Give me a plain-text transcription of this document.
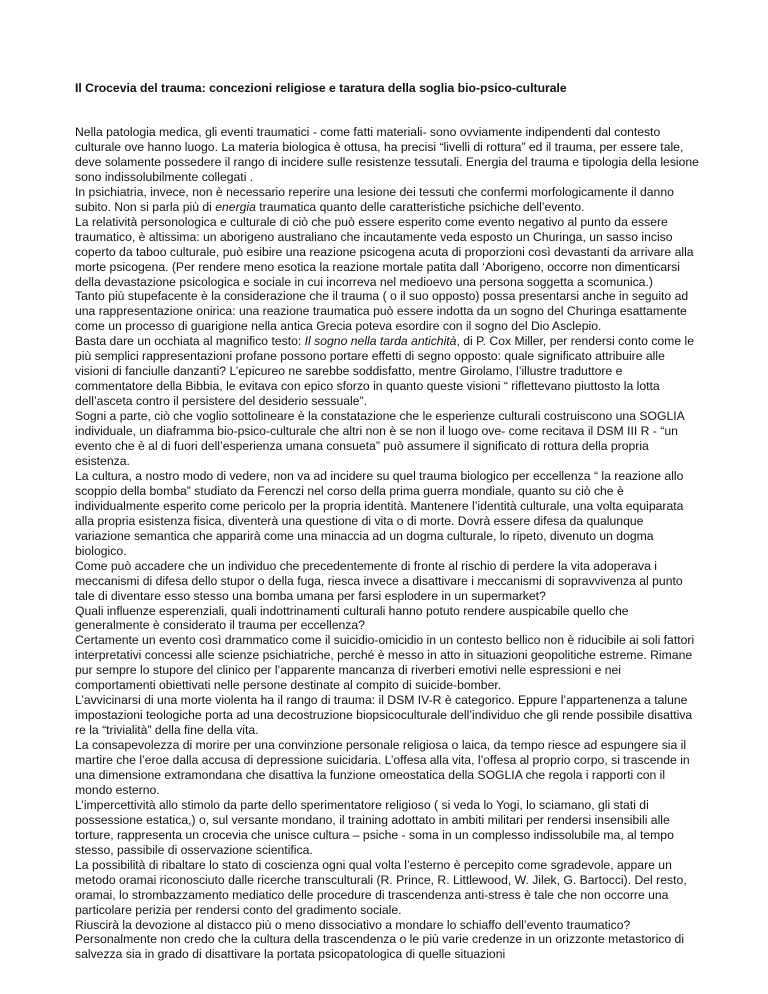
Il Crocevia del trauma: concezioni religiose e taratura della soglia bio-psico-culturale

Nella patologia medica, gli eventi traumatici - come fatti materiali- sono ovviamente indipendenti dal contesto culturale ove hanno luogo. La materia biologica è ottusa, ha precisi “livelli di rottura” ed il trauma, per essere tale, deve solamente possedere il rango di incidere sulle resistenze tessutali. Energia del trauma e tipologia della lesione sono indissolubilmente collegati .

In psichiatria, invece, non è necessario reperire una lesione dei tessuti che confermi morfologicamente il danno subito. Non si parla più di energia traumatica quanto delle caratteristiche psichiche dell’evento.

La relatività personologica e culturale di ciò che può essere esperito come evento negativo al punto da essere traumatico, è altissima: un aborigeno australiano che incautamente veda esposto un Churinga, un sasso inciso coperto da taboo culturale, può esibire una reazione psicogena acuta di proporzioni così devastanti da arrivare alla morte psicogena. (Per rendere meno esotica la reazione mortale patita dall ‘Aborigeno, occorre non dimenticarsi della devastazione psicologica e sociale in cui incorreva nel medioevo una persona soggetta a scomunica.)

Tanto più stupefacente è la considerazione che il trauma ( o il suo opposto) possa presentarsi anche in seguito ad una rappresentazione onirica: una reazione traumatica può essere indotta da un sogno del Churinga esattamente come un processo di guarigione nella antica Grecia poteva esordire con il sogno del Dio Asclepio.

Basta dare un occhiata al magnifico testo: Il sogno nella tarda antichità, di P. Cox Miller, per rendersi conto come le più semplici rappresentazioni profane possono portare effetti di segno opposto: quale significato attribuire alle visioni di fanciulle danzanti? L’epicureo ne sarebbe soddisfatto, mentre Girolamo, l’illustre traduttore e commentatore della Bibbia, le evitava con epico sforzo in quanto queste visioni “ riflettevano piuttosto la lotta dell’asceta contro il persistere del desiderio sessuale”.

Sogni a parte, ciò che voglio sottolineare è la constatazione che le esperienze culturali costruiscono una SOGLIA individuale, un diaframma bio-psico-culturale che altri non è se non il luogo ove- come recitava il DSM III R - “un evento che è al di fuori dell’esperienza umana consueta” può assumere il significato di rottura della propria esistenza.

La cultura, a nostro modo di vedere, non va ad incidere su quel trauma biologico per eccellenza “ la reazione allo scoppio della bomba” studiato da Ferenczi nel corso della prima guerra mondiale, quanto su ciò che è individualmente esperito come pericolo per la propria identità. Mantenere l’identità culturale, una volta equiparata alla propria esistenza fisica, diventerà una questione di vita o di morte. Dovrà essere difesa da qualunque variazione semantica che apparirà come una minaccia ad un dogma culturale, lo ripeto, divenuto un dogma biologico.

Come può accadere che un individuo che precedentemente di fronte al rischio di perdere la vita adoperava i meccanismi di difesa dello stupor o della fuga, riesca invece a disattivare i meccanismi di sopravvivenza al punto tale di diventare esso stesso una bomba umana per farsi esplodere in un supermarket?

Quali influenze esperenziali, quali indottrinamenti culturali hanno potuto rendere auspicabile quello che generalmente è considerato il trauma per eccellenza?

Certamente un evento così drammatico come il suicidio-omicidio in un contesto bellico non è riducibile ai soli fattori interpretativi concessi alle scienze psichiatriche, perché è messo in atto in situazioni geopolitiche estreme. Rimane pur sempre lo stupore del clinico per l’apparente mancanza di riverberi emotivi nelle espressioni e nei comportamenti obiettivati nelle persone destinate al compito di suicide-bomber.

L’avvicinarsi di una morte violenta ha il rango di trauma: il DSM IV-R è categorico. Eppure l’appartenenza a talune impostazioni teologiche porta ad una decostruzione biopsicoculturale dell’individuo che gli rende possibile disattiva re la “trivialità” della fine della vita.

La consapevolezza di morire per una convinzione personale religiosa o laica, da tempo riesce ad espungere sia il martire che l’eroe dalla accusa di depressione suicidaria. L’offesa alla vita, l’offesa al proprio corpo, si trascende in una dimensione extramondana che disattiva la funzione omeostatica della SOGLIA che regola i rapporti con il mondo esterno.

L’impercettività allo stimolo da parte dello sperimentatore religioso ( si veda lo Yogi, lo sciamano, gli stati di possessione estatica,) o, sul versante mondano, il training adottato in ambiti militari per rendersi insensibili alle torture, rappresenta un crocevia che unisce cultura – psiche - soma in un complesso indissolubile ma, al tempo stesso, passibile di osservazione scientifica.

La possibilità di ribaltare lo stato di coscienza ogni qual volta l’esterno è percepito come sgradevole, appare un metodo oramai riconosciuto dalle ricerche transculturali (R. Prince, R. Littlewood, W. Jilek, G. Bartocci). Del resto, oramai, lo strombazzamento mediatico delle procedure di trascendenza anti-stress è tale che non occorre una particolare perizia per rendersi conto del gradimento sociale.

Riuscirà la devozione al distacco più o meno dissociativo a mondare lo schiaffo dell’evento traumatico?

Personalmente non credo che la cultura della trascendenza o le più varie credenze in un orizzonte metastorico di salvezza sia in grado di disattivare la portata psicopatologica di quelle situazioni
